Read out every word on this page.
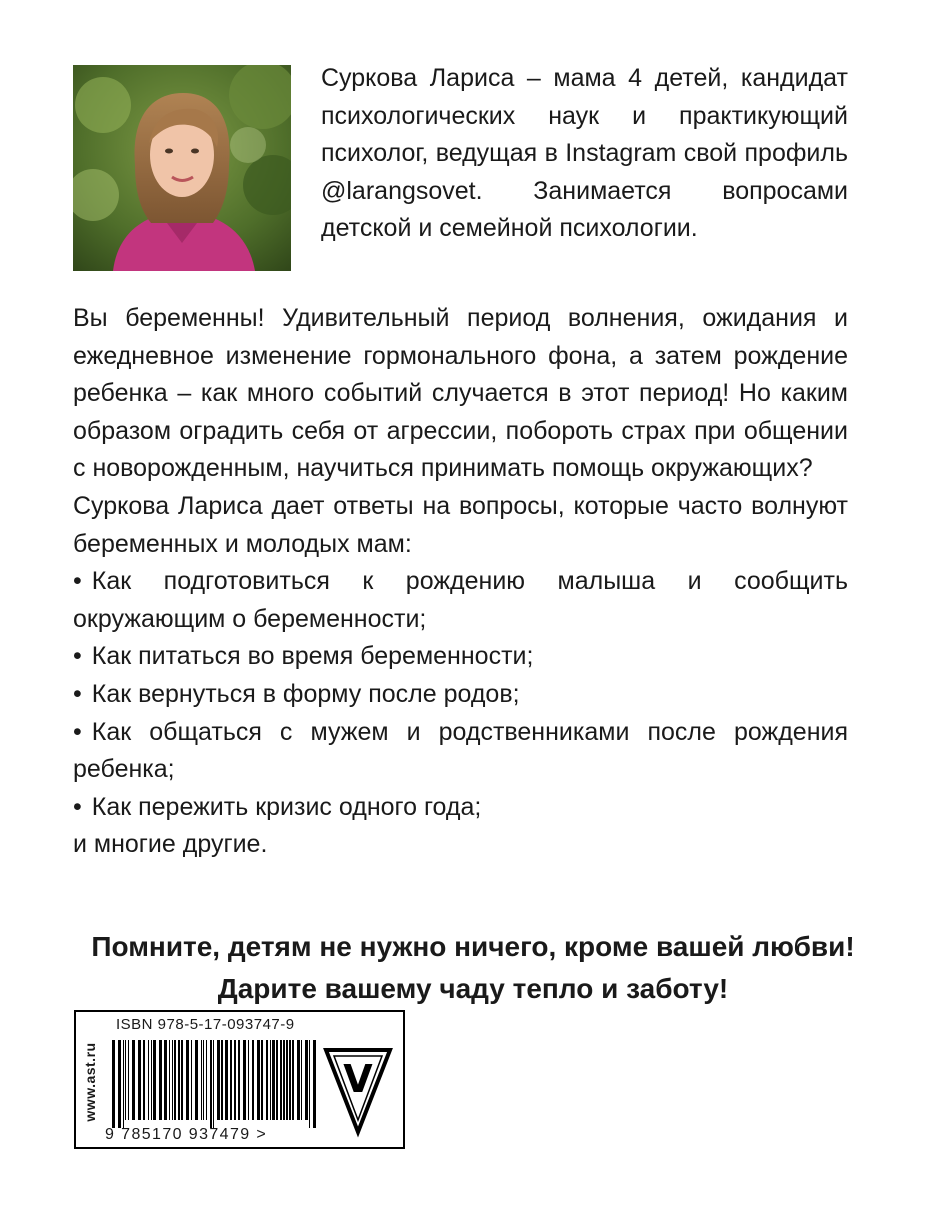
Суркова Лариса – мама 4 детей, кандидат психологических наук и практикующий психолог, ведущая в Instagram свой профиль @larangsovet. Занимается вопросами детской и семейной психологии.

Вы беременны! Удивительный период волнения, ожидания и ежедневное изменение гормонального фона, а затем рождение ребенка – как много событий случается в этот период! Но каким образом оградить себя от агрессии, побороть страх при общении с новорожденным, научиться принимать помощь окружающих?

Суркова Лариса дает ответы на вопросы, которые часто волнуют беременных и молодых мам:

• Как подготовиться к рождению малыша и сообщить окружающим о беременности;
• Как питаться во время беременности;
• Как вернуться в форму после родов;
• Как общаться с мужем и родственниками после рождения ребенка;
• Как пережить кризис одного года;

и многие другие.

Помните, детям не нужно ничего, кроме вашей любви! Дарите вашему чаду тепло и заботу!

www.ast.ru
ISBN 978-5-17-093747-9
9 785170 937479 >
V
